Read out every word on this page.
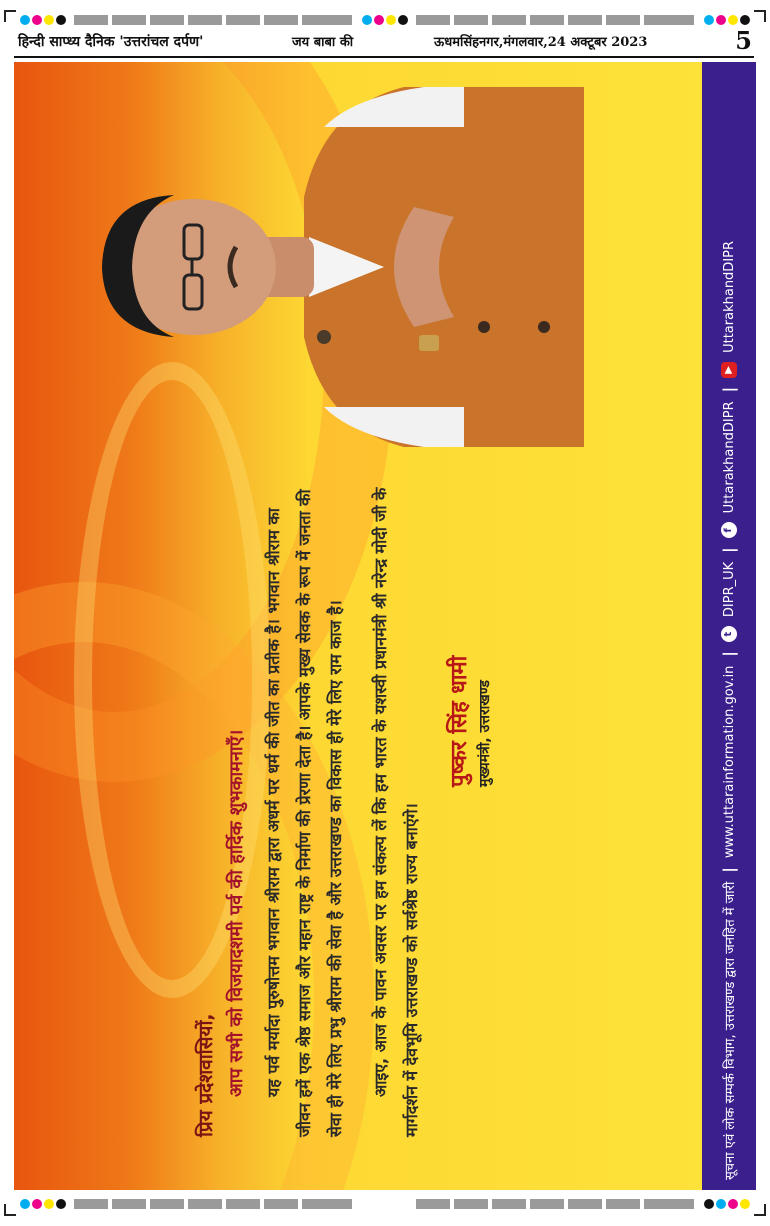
हिन्दी साप्ध्य दैनिक 'उत्तरांचल दर्पण'	जय बाबा की	ऊधमसिंहनगर,मंगलवार,24 अक्टूबर 2023	5
प्रिय प्रदेशवासियों, आप सभी को विजयादशमी पर्व की हार्दिक शुभकामनाएँ।	यह पर्व मर्यादा पुरुषोत्तम भगवान श्रीराम द्वारा अधर्म पर धर्म की जीत का प्रतीक है। भगवान श्रीराम का जीवन हमें एक श्रेष्ठ समाज और महान राष्ट्र के निर्माण की प्रेरणा देता है। आपके मुख्य सेवक के रूप में जनता की सेवा ही मेरे लिए प्रभु श्रीराम की सेवा है और उत्तराखण्ड का विकास ही मेरे लिए राम काज है।	आइए, आज के पावन अवसर पर हम संकल्प लें कि हम भारत के यशस्वी प्रधानमंत्री श्री नरेन्द्र मोदी जी के मार्गदर्शन में देवभूमि उत्तराखण्ड को सर्वश्रेष्ठ राज्य बनाएंगे।

पुष्कर सिंह धामी मुख्यमंत्री, उत्तराखण्ड
सूचना एवं लोक सम्पर्क विभाग, उत्तराखण्ड द्वारा जनहित में जारी
|
www.uttarainformation.gov.in
|
t
DIPR_UK
|
f
UttarakhandDIPR
|
▶
UttarakhandDIPR
